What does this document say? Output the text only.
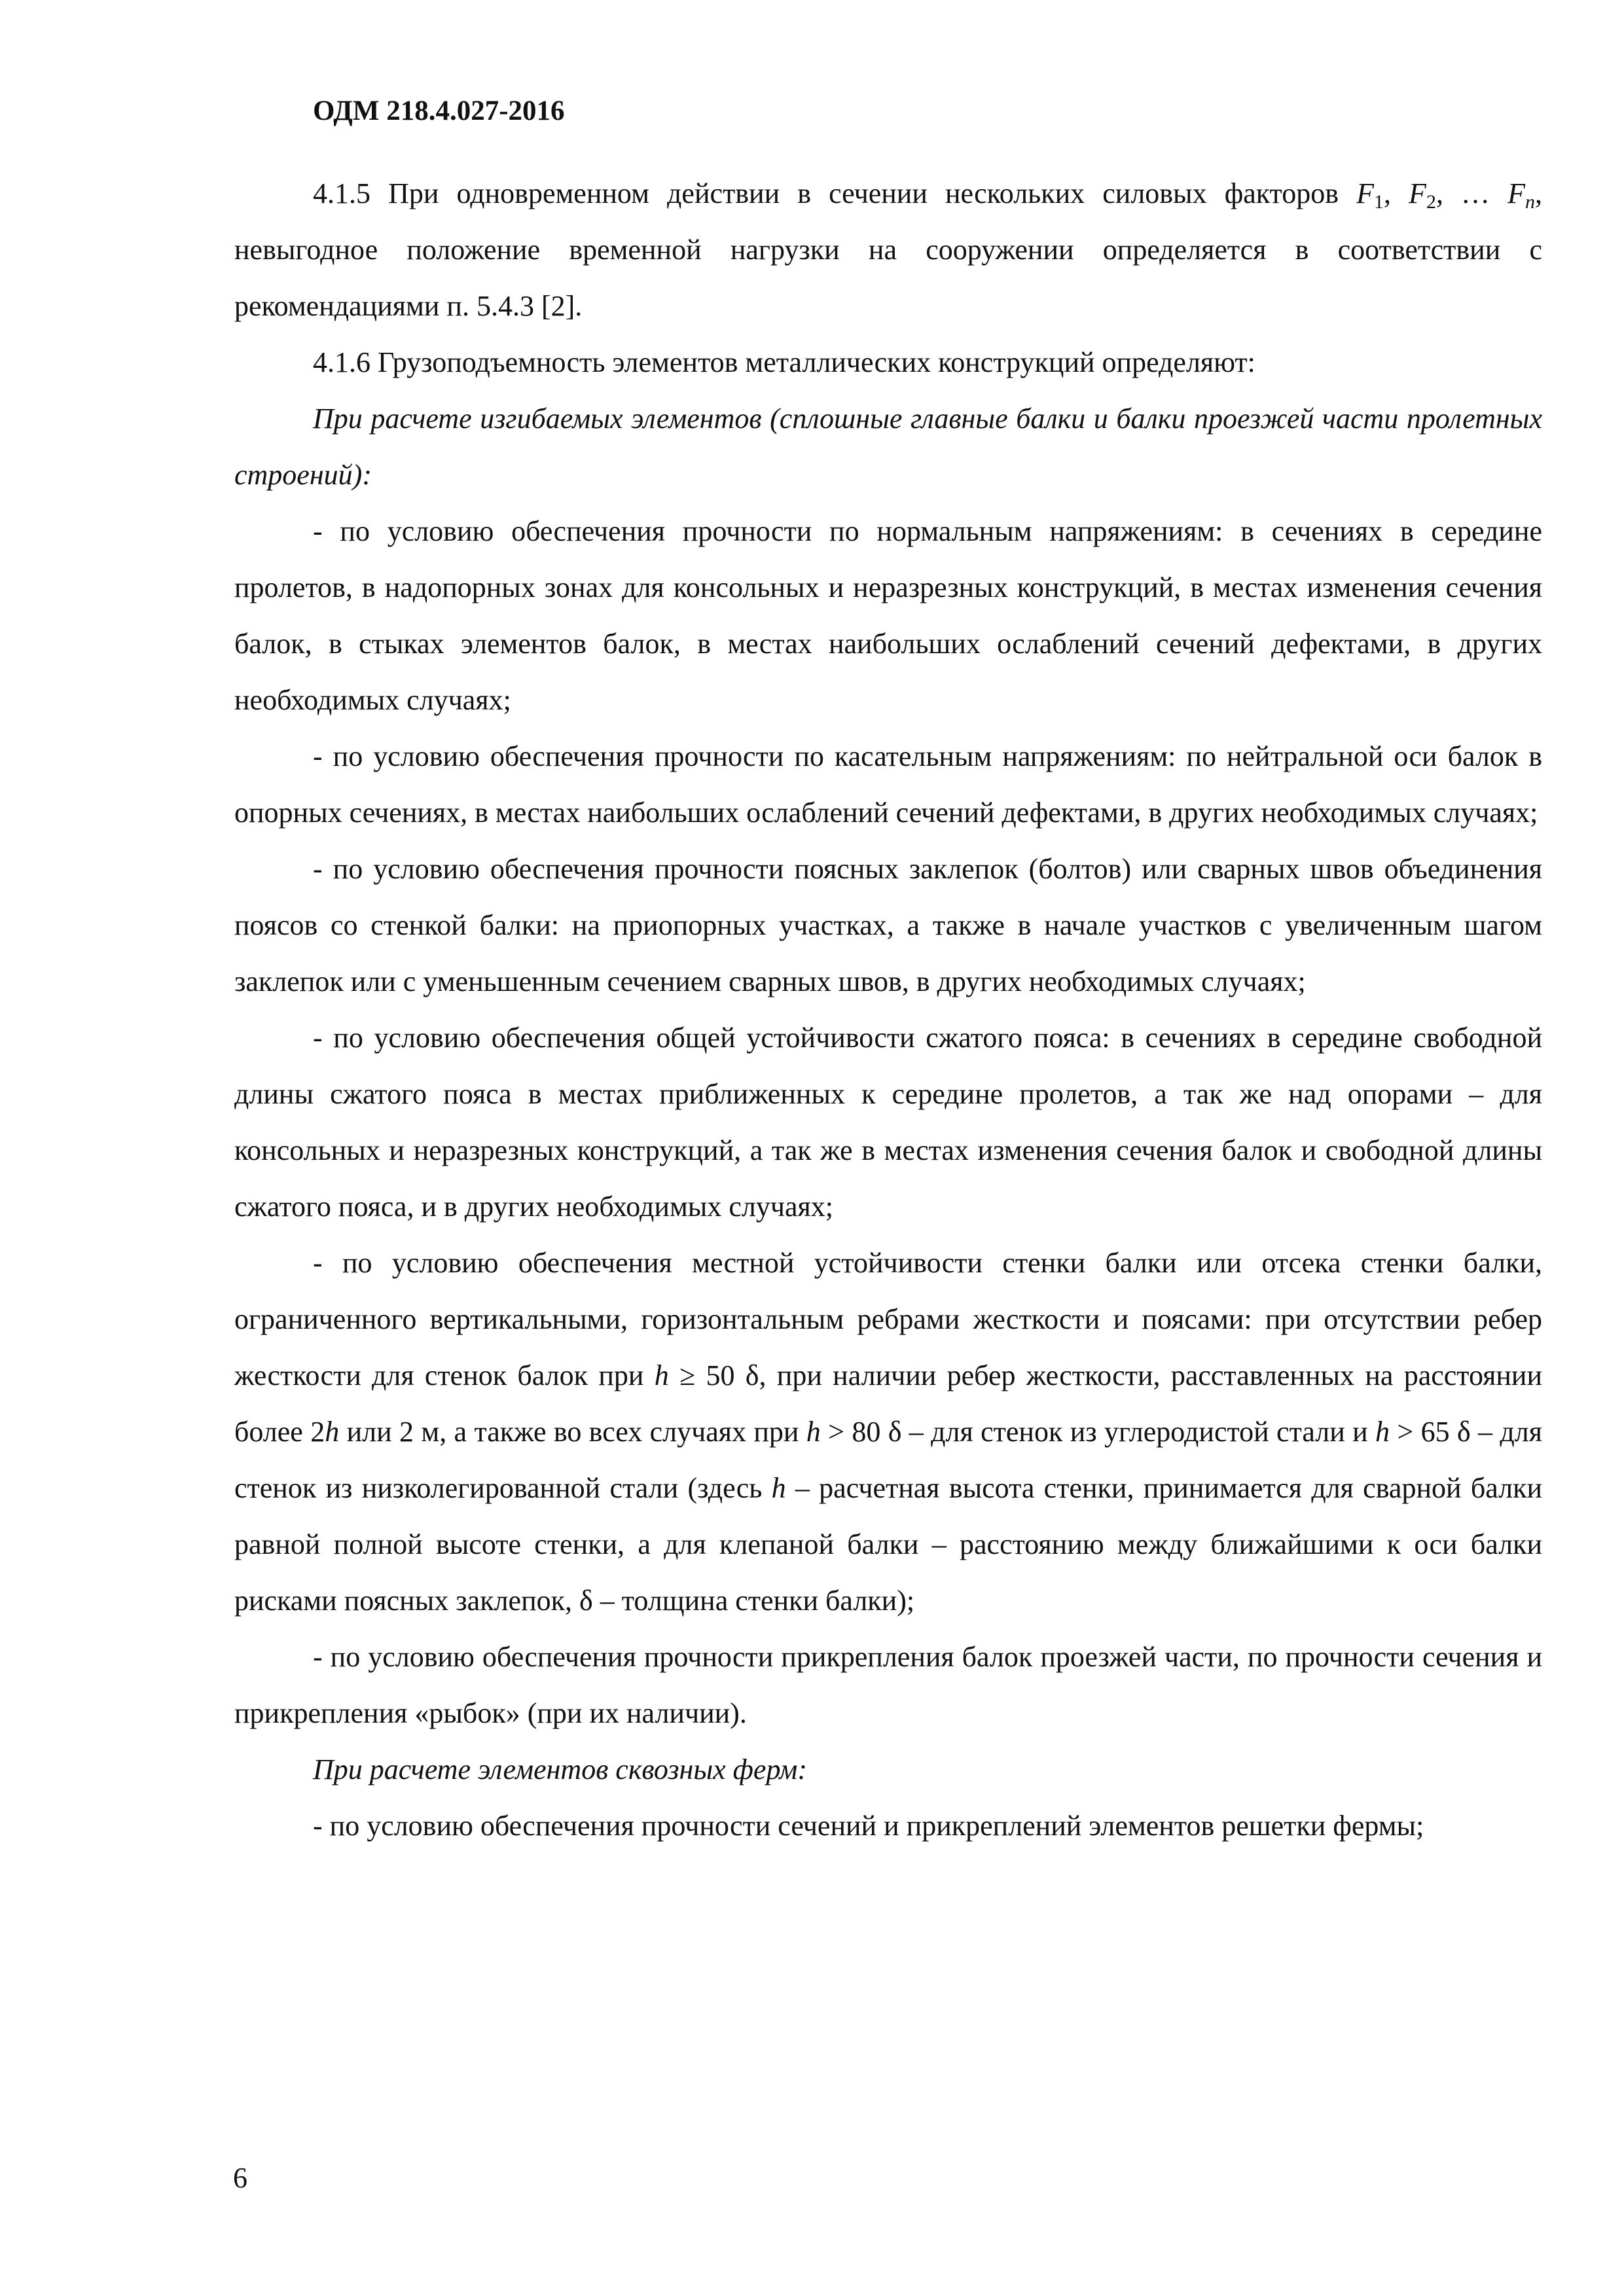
ОДМ 218.4.027-2016

4.1.5 При одновременном действии в сечении нескольких силовых факторов $F_1$, $F_2$, … $F_n$, невыгодное положение временной нагрузки на сооружении определяется в соответствии с рекомендациями п. 5.4.3 [2].

4.1.6 Грузоподъемность элементов металлических конструкций определяют:

При расчете изгибаемых элементов (сплошные главные балки и балки проезжей части пролетных строений):

- по условию обеспечения прочности по нормальным напряжениям: в сечениях в середине пролетов, в надопорных зонах для консольных и неразрезных конструкций, в местах изменения сечения балок, в стыках элементов балок, в местах наибольших ослаблений сечений дефектами, в других необходимых случаях;

- по условию обеспечения прочности по касательным напряжениям: по нейтральной оси балок в опорных сечениях, в местах наибольших ослаблений сечений дефектами, в других необходимых случаях;

- по условию обеспечения прочности поясных заклепок (болтов) или сварных швов объединения поясов со стенкой балки: на приопорных участках, а также в начале участков с увеличенным шагом заклепок или с уменьшенным сечением сварных швов, в других необходимых случаях;

- по условию обеспечения общей устойчивости сжатого пояса: в сечениях в середине свободной длины сжатого пояса в местах приближенных к середине пролетов, а так же над опорами – для консольных и неразрезных конструкций, а так же в местах изменения сечения балок и свободной длины сжатого пояса, и в других необходимых случаях;

- по условию обеспечения местной устойчивости стенки балки или отсека стенки балки, ограниченного вертикальными, горизонтальным ребрами жесткости и поясами: при отсутствии ребер жесткости для стенок балок при h ≥ 50 δ, при наличии ребер жесткости, расставленных на расстоянии более 2h или 2 м, а также во всех случаях при h > 80 δ – для стенок из углеродистой стали и h > 65 δ – для стенок из низколегированной стали (здесь h – расчетная высота стенки, принимается для сварной балки равной полной высоте стенки, а для клепаной балки – расстоянию между ближайшими к оси балки рисками поясных заклепок, δ – толщина стенки балки);

- по условию обеспечения прочности прикрепления балок проезжей части, по прочности сечения и прикрепления «рыбок» (при их наличии).

При расчете элементов сквозных ферм:

- по условию обеспечения прочности сечений и прикреплений элементов решетки фермы;

6
